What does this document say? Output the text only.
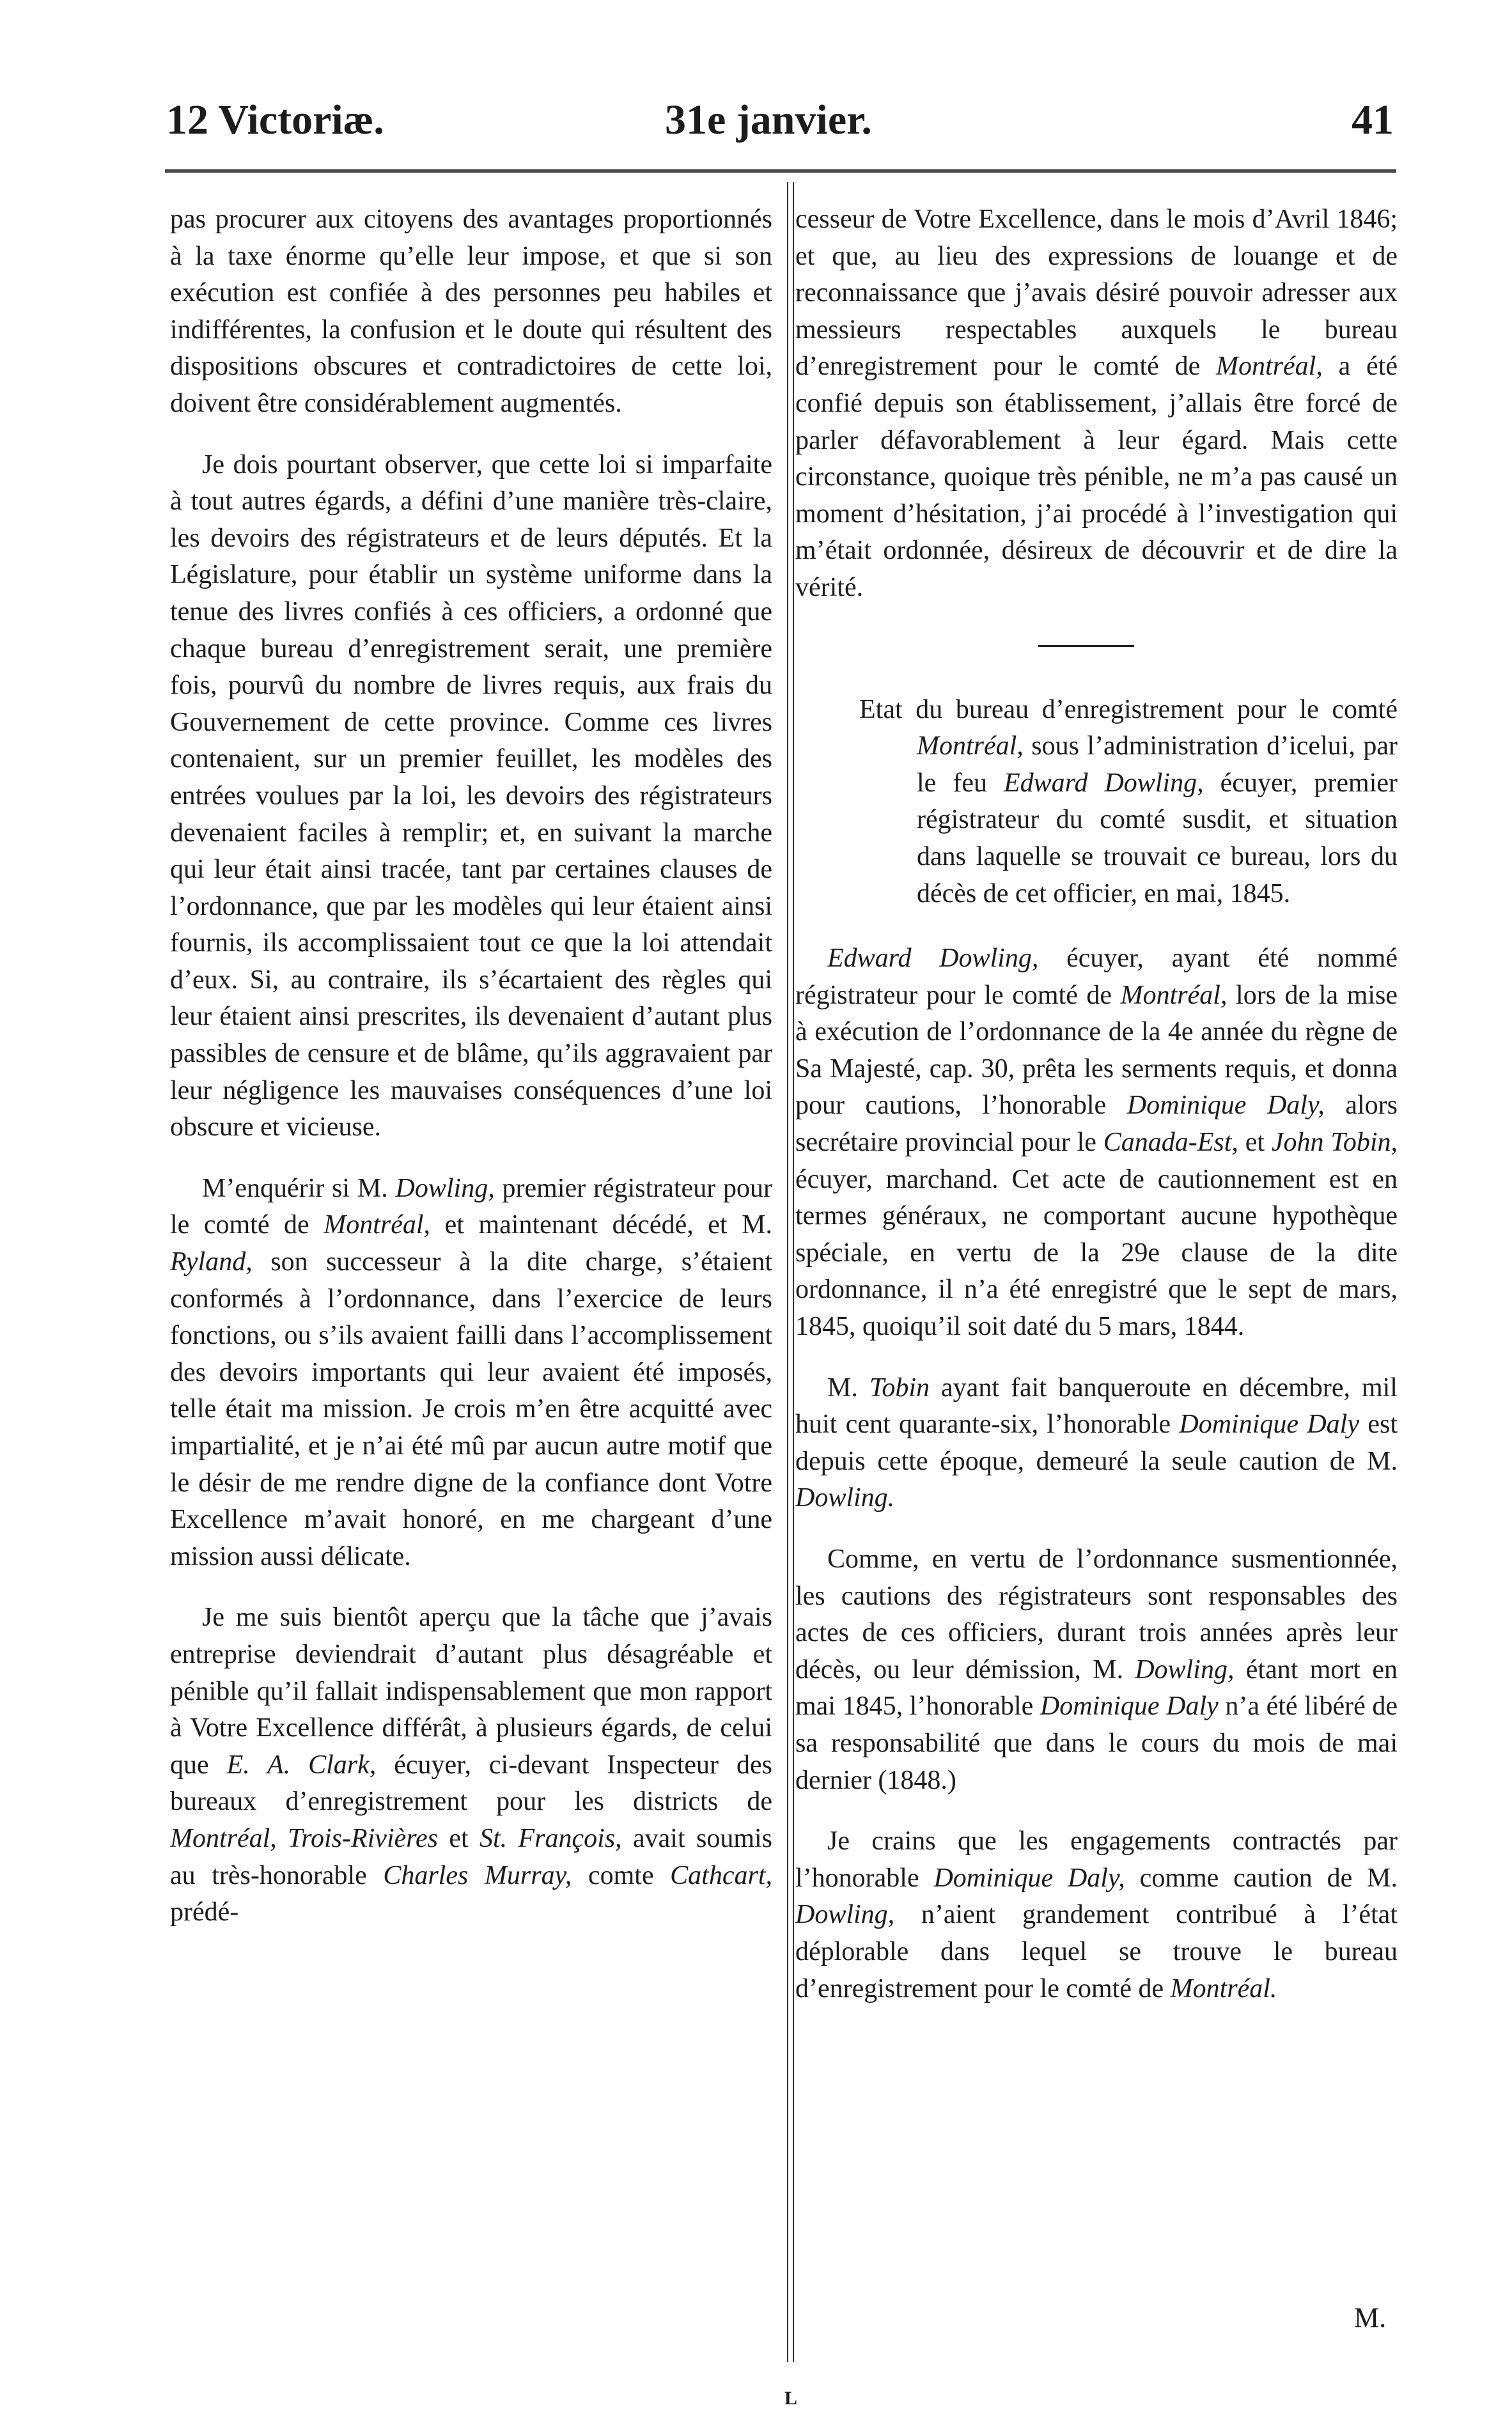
12 Victoriæ.	31e janvier.	41

pas procurer aux citoyens des avantages proportionnés à la taxe énorme qu’elle leur impose, et que si son exécution est confiée à des personnes peu habiles et indifférentes, la confusion et le doute qui résultent des dispositions obscures et contradictoires de cette loi, doivent être considérablement augmentés.

Je dois pourtant observer, que cette loi si imparfaite à tout autres égards, a défini d’une manière très-claire, les devoirs des régistrateurs et de leurs députés. Et la Législature, pour établir un système uniforme dans la tenue des livres confiés à ces officiers, a ordonné que chaque bureau d’enregistrement serait, une première fois, pourvû du nombre de livres requis, aux frais du Gouvernement de cette province. Comme ces livres contenaient, sur un premier feuillet, les modèles des entrées voulues par la loi, les devoirs des régistrateurs devenaient faciles à remplir; et, en suivant la marche qui leur était ainsi tracée, tant par certaines clauses de l’ordonnance, que par les modèles qui leur étaient ainsi fournis, ils accomplissaient tout ce que la loi attendait d’eux. Si, au contraire, ils s’écartaient des règles qui leur étaient ainsi prescrites, ils devenaient d’autant plus passibles de censure et de blâme, qu’ils aggravaient par leur négligence les mauvaises conséquences d’une loi obscure et vicieuse.

M’enquérir si M. Dowling, premier régistrateur pour le comté de Montréal, et maintenant décédé, et M. Ryland, son successeur à la dite charge, s’étaient conformés à l’ordonnance, dans l’exercice de leurs fonctions, ou s’ils avaient failli dans l’accomplissement des devoirs importants qui leur avaient été imposés, telle était ma mission. Je crois m’en être acquitté avec impartialité, et je n’ai été mû par aucun autre motif que le désir de me rendre digne de la confiance dont Votre Excellence m’avait honoré, en me chargeant d’une mission aussi délicate.

Je me suis bientôt aperçu que la tâche que j’avais entreprise deviendrait d’autant plus désagréable et pénible qu’il fallait indispensablement que mon rapport à Votre Excellence différât, à plusieurs égards, de celui que E. A. Clark, écuyer, ci-devant Inspecteur des bureaux d’enregistrement pour les districts de Montréal, Trois-Rivières et St. François, avait soumis au très-honorable Charles Murray, comte Cathcart, prédé-

cesseur de Votre Excellence, dans le mois d’Avril 1846; et que, au lieu des expressions de louange et de reconnaissance que j’avais désiré pouvoir adresser aux messieurs respectables auxquels le bureau d’enregistrement pour le comté de Montréal, a été confié depuis son établissement, j’allais être forcé de parler défavorablement à leur égard. Mais cette circonstance, quoique très pénible, ne m’a pas causé un moment d’hésitation, j’ai procédé à l’investigation qui m’était ordonnée, désireux de découvrir et de dire la vérité.

Etat du bureau d’enregistrement pour le comté Montréal, sous l’administration d’icelui, par le feu Edward Dowling, écuyer, premier régistrateur du comté susdit, et situation dans laquelle se trouvait ce bureau, lors du décès de cet officier, en mai, 1845.

Edward Dowling, écuyer, ayant été nommé régistrateur pour le comté de Montréal, lors de la mise à exécution de l’ordonnance de la 4e année du règne de Sa Majesté, cap. 30, prêta les serments requis, et donna pour cautions, l’honorable Dominique Daly, alors secrétaire provincial pour le Canada-Est, et John Tobin, écuyer, marchand. Cet acte de cautionnement est en termes généraux, ne comportant aucune hypothèque spéciale, en vertu de la 29e clause de la dite ordonnance, il n’a été enregistré que le sept de mars, 1845, quoiqu’il soit daté du 5 mars, 1844.

M. Tobin ayant fait banqueroute en décembre, mil huit cent quarante-six, l’honorable Dominique Daly est depuis cette époque, demeuré la seule caution de M. Dowling.

Comme, en vertu de l’ordonnance susmentionnée, les cautions des régistrateurs sont responsables des actes de ces officiers, durant trois années après leur décès, ou leur démission, M. Dowling, étant mort en mai 1845, l’honorable Dominique Daly n’a été libéré de sa responsabilité que dans le cours du mois de mai dernier (1848.)

Je crains que les engagements contractés par l’honorable Dominique Daly, comme caution de M. Dowling, n’aient grandement contribué à l’état déplorable dans lequel se trouve le bureau d’enregistrement pour le comté de Montréal.

M.
L
